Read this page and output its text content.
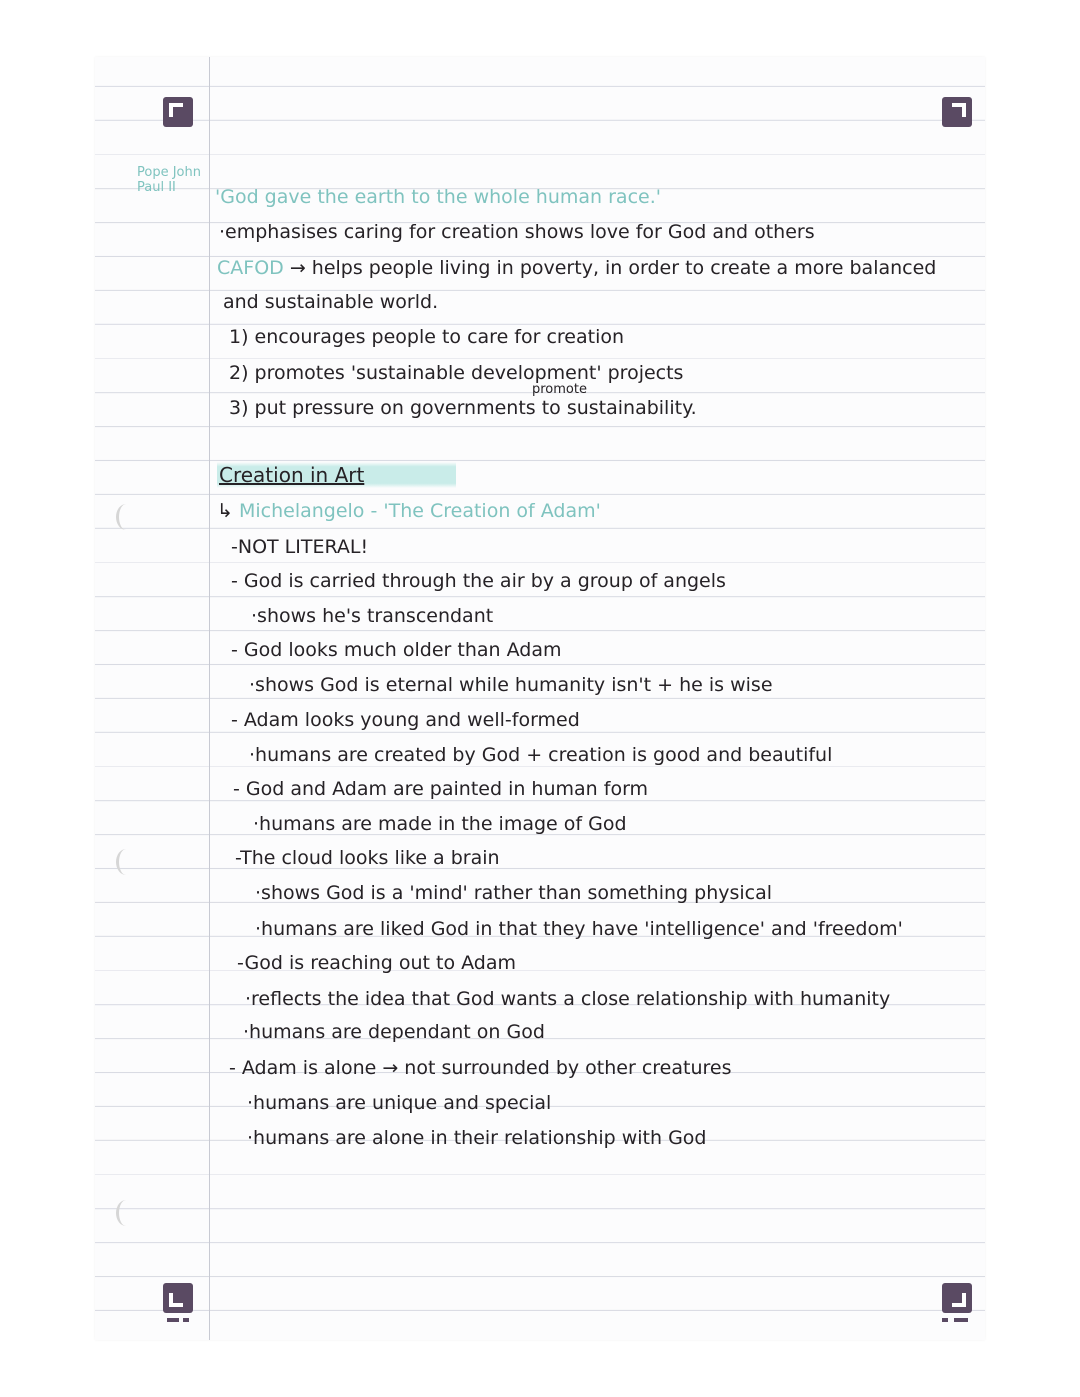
Pope John
Paul II	'God gave the earth to the whole human race.'
·emphasises caring for creation shows love for God and others
CAFOD → helps people living in poverty, in order to create a more balanced
and sustainable world.
1) encourages people to care for creation
2) promotes 'sustainable development' projects
promote
3) put pressure on governments to sustainability.
Creation in Art
↳ Michelangelo - 'The Creation of Adam'
-NOT LITERAL!
- God is carried through the air by a group of angels
·shows he's transcendant
- God looks much older than Adam
·shows God is eternal while humanity isn't + he is wise
- Adam looks young and well-formed
·humans are created by God + creation is good and beautiful
- God and Adam are painted in human form
·humans are made in the image of God
-The cloud looks like a brain
·shows God is a 'mind' rather than something physical
·humans are liked God in that they have 'intelligence' and 'freedom'
-God is reaching out to Adam
·reflects the idea that God wants a close relationship with humanity
·humans are dependant on God
- Adam is alone → not surrounded by other creatures
·humans are unique and special
·humans are alone in their relationship with God
